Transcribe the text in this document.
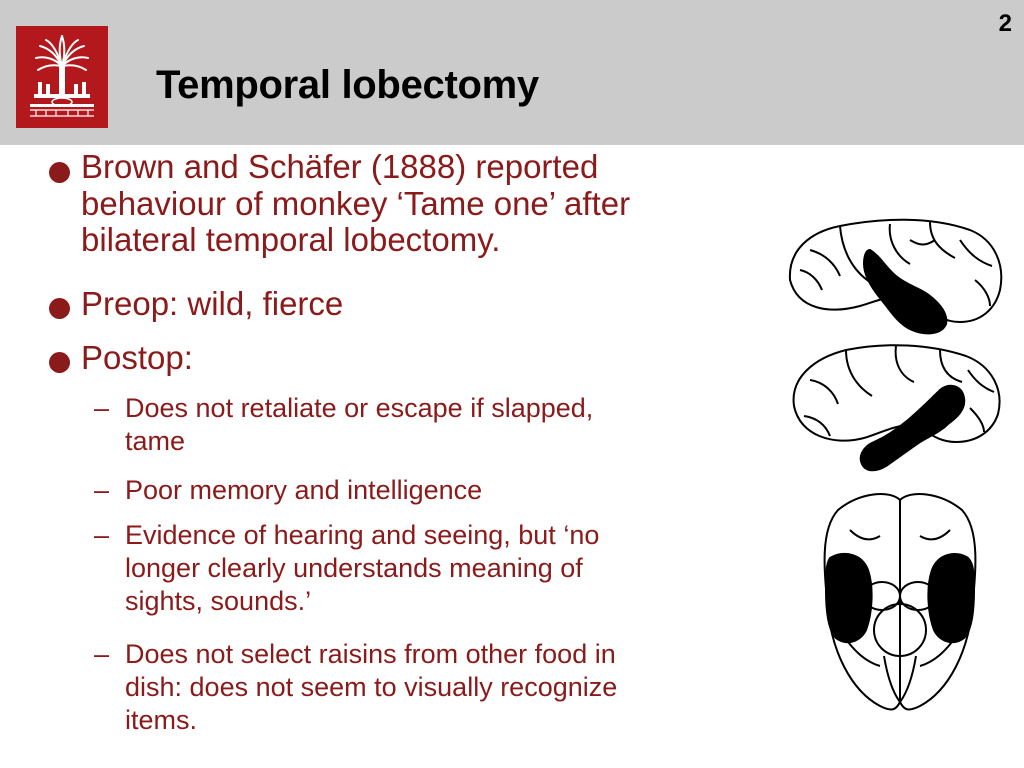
2
Temporal lobectomy
Brown and Schäfer (1888) reported
behaviour of monkey ‘Tame one’ after
bilateral temporal lobectomy.
Preop: wild, fierce
Postop:
– Does not retaliate or escape if slapped,
tame
– Poor memory and intelligence
– Evidence of hearing and seeing, but ‘no
longer clearly understands meaning of
sights, sounds.’
– Does not select raisins from other food in
dish: does not seem to visually recognize
items.
